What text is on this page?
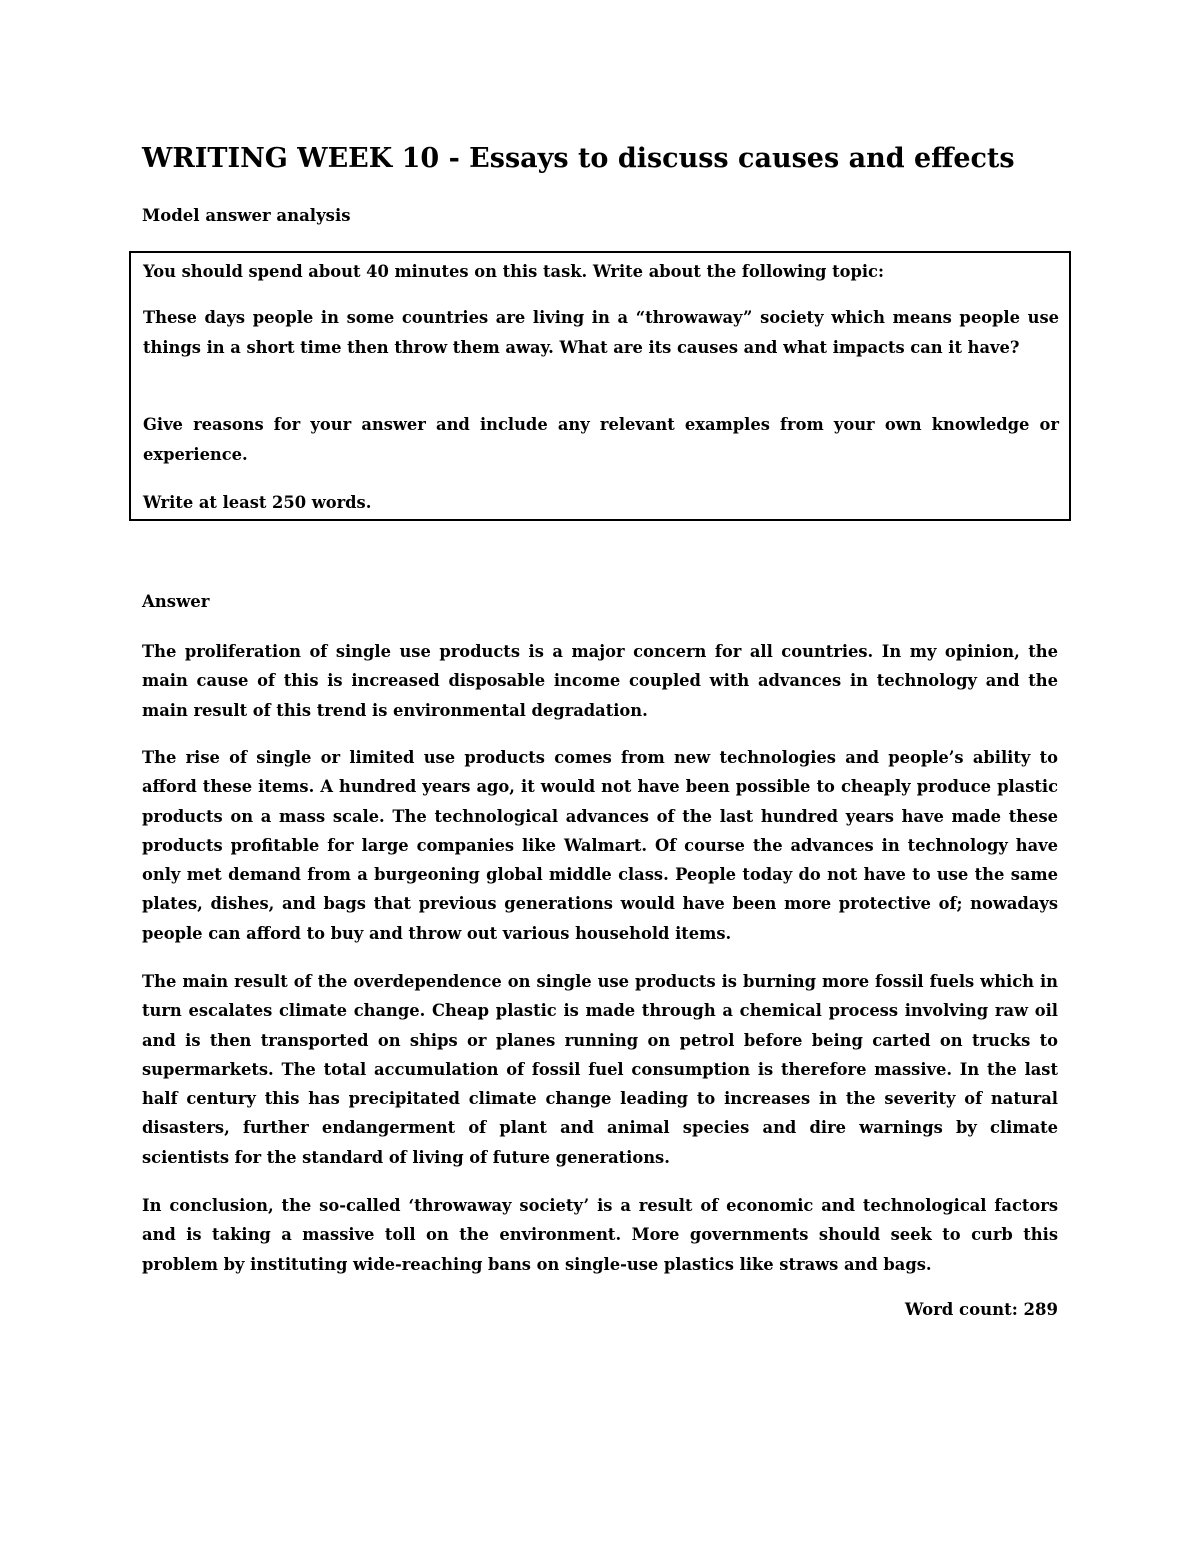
WRITING WEEK 10 - Essays to discuss causes and effects

Model answer analysis

You should spend about 40 minutes on this task. Write about the following topic:

These days people in some countries are living in a “throwaway” society which means people use things in a short time then throw them away. What are its causes and what impacts can it have?

Give reasons for your answer and include any relevant examples from your own knowledge or experience.

Write at least 250 words.

Answer

The proliferation of single use products is a major concern for all countries. In my opinion, the main cause of this is increased disposable income coupled with advances in technology and the main result of this trend is environmental degradation.

The rise of single or limited use products comes from new technologies and people’s ability to afford these items. A hundred years ago, it would not have been possible to cheaply produce plastic products on a mass scale. The technological advances of the last hundred years have made these products profitable for large companies like Walmart. Of course the advances in technology have only met demand from a burgeoning global middle class. People today do not have to use the same plates, dishes, and bags that previous generations would have been more protective of; nowadays people can afford to buy and throw out various household items.

The main result of the overdependence on single use products is burning more fossil fuels which in turn escalates climate change. Cheap plastic is made through a chemical process involving raw oil and is then transported on ships or planes running on petrol before being carted on trucks to supermarkets. The total accumulation of fossil fuel consumption is therefore massive. In the last half century this has precipitated climate change leading to increases in the severity of natural disasters, further endangerment of plant and animal species and dire warnings by climate scientists for the standard of living of future generations.

In conclusion, the so-called ‘throwaway society’ is a result of economic and technological factors and is taking a massive toll on the environment. More governments should seek to curb this problem by instituting wide-reaching bans on single-use plastics like straws and bags.

Word count: 289
